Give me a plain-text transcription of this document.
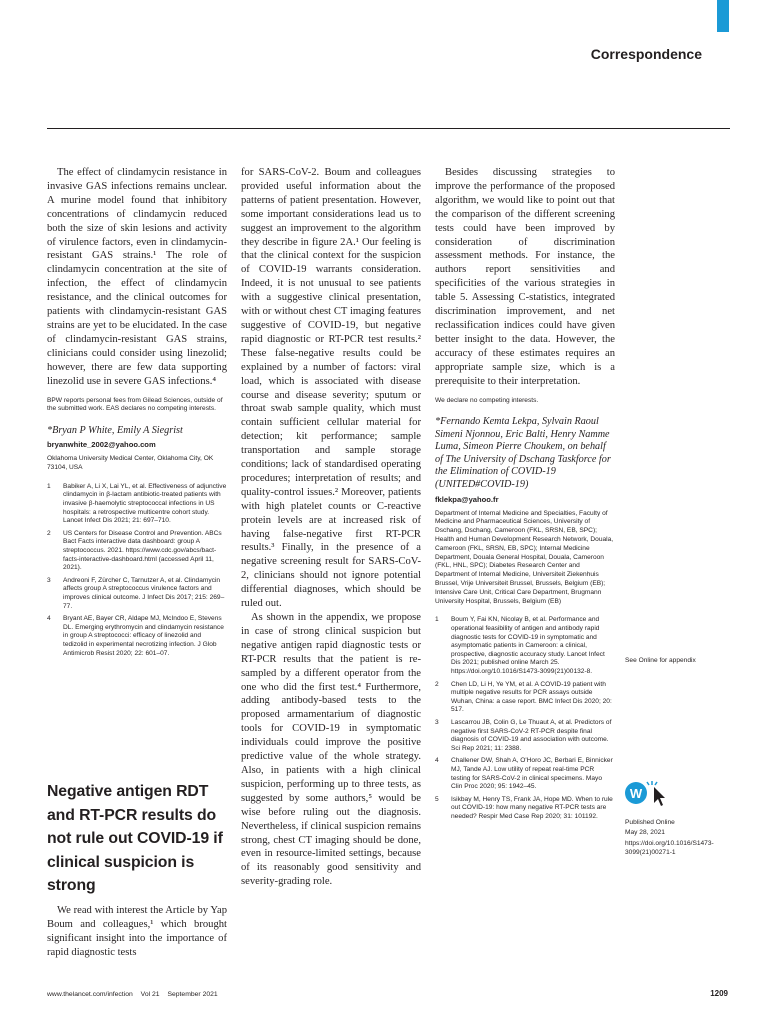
Correspondence

The effect of clindamycin resistance in invasive GAS infections remains unclear. A murine model found that inhibitory concentrations of clindamycin reduced both the size of skin lesions and activity of virulence factors, even in clindamycin-resistant GAS strains.¹ The role of clindamycin concentration at the site of infection, the effect of clindamycin resistance, and the clinical outcomes for patients with clindamycin-resistant GAS strains are yet to be elucidated. In the case of clindamycin-resistant GAS strains, clinicians could consider using linezolid; however, there are few data supporting linezolid use in severe GAS infections.⁴

BPW reports personal fees from Gilead Sciences, outside of the submitted work. EAS declares no competing interests.
*Bryan P White, Emily A Siegrist
bryanwhite_2002@yahoo.com
Oklahoma University Medical Center, Oklahoma City, OK 73104, USA
1	Babiker A, Li X, Lai YL, et al. Effectiveness of adjunctive clindamycin in β-lactam antibiotic-treated patients with invasive β-haemolytic streptococcal infections in US hospitals: a retrospective multicentre cohort study. Lancet Infect Dis 2021; 21: 697–710.
2	US Centers for Disease Control and Prevention. ABCs Bact Facts interactive data dashboard: group A streptococcus. 2021. https://www.cdc.gov/abcs/bact-facts-interactive-dashboard.html (accessed April 11, 2021).
3	Andreoni F, Zürcher C, Tarnutzer A, et al. Clindamycin affects group A streptococcus virulence factors and improves clinical outcome. J Infect Dis 2017; 215: 269–77.
4	Bryant AE, Bayer CR, Aldape MJ, McIndoo E, Stevens DL. Emerging erythromycin and clindamycin resistance in group A streptococci: efficacy of linezolid and tedizolid in experimental necrotizing infection. J Glob Antimicrob Resist 2020; 22: 601–07.
Negative antigen RDT and RT-PCR results do not rule out COVID-19 if clinical suspicion is strong

We read with interest the Article by Yap Boum and colleagues,¹ which brought significant insight into the importance of rapid diagnostic tests

for SARS-CoV-2. Boum and colleagues provided useful information about the patterns of patient presentation. However, some important considerations lead us to suggest an improvement to the algorithm they describe in figure 2A.¹ Our feeling is that the clinical context for the suspicion of COVID-19 warrants consideration. Indeed, it is not unusual to see patients with a suggestive clinical presentation, with or without chest CT imaging features suggestive of COVID-19, but negative rapid diagnostic or RT-PCR test results.² These false-negative results could be explained by a number of factors: viral load, which is associated with disease course and disease severity; sputum or throat swab sample quality, which must contain sufficient cellular material for detection; kit performance; sample transportation and sample storage conditions; lack of standardised operating procedures; interpretation of results; and quality-control issues.² Moreover, patients with high platelet counts or C-reactive protein levels are at increased risk of having false-negative first RT-PCR results.³ Finally, in the presence of a negative screening result for SARS-CoV-2, clinicians should not ignore potential differential diagnoses, which should be ruled out.

As shown in the appendix, we propose in case of strong clinical suspicion but negative antigen rapid diagnostic tests or RT-PCR results that the patient is re-sampled by a different operator from the one who did the first test.⁴ Furthermore, adding antibody-based tests to the proposed armamentarium of diagnostic tools for COVID-19 in symptomatic individuals could improve the positive predictive value of the whole strategy. Also, in patients with a high clinical suspicion, performing up to three tests, as suggested by some authors,⁵ would be wise before ruling out the diagnosis. Nevertheless, if clinical suspicion remains strong, chest CT imaging should be done, even in resource-limited settings, because of its reasonably good sensitivity and severity-grading role.

Besides discussing strategies to improve the performance of the proposed algorithm, we would like to point out that the comparison of the different screening tests could have been improved by consideration of discrimination assessment methods. For instance, the authors report sensitivities and specificities of the various strategies in table 5. Assessing C-statistics, integrated discrimination improvement, and net reclassification indices could have given better insight to the data. However, the accuracy of these estimates requires an appropriate sample size, which is a prerequisite to their interpretation.

We declare no competing interests.
*Fernando Kemta Lekpa, Sylvain Raoul Simeni Njonnou, Eric Balti, Henry Namme Luma, Simeon Pierre Choukem, on behalf of The University of Dschang Taskforce for the Elimination of COVID-19 (UNITED#COVID-19)
fklekpa@yahoo.fr
Department of Internal Medicine and Specialties, Faculty of Medicine and Pharmaceutical Sciences, University of Dschang, Dschang, Cameroon (FKL, SRSN, EB, SPC); Health and Human Development Research Network, Douala, Cameroon (FKL, SRSN, EB, SPC); Internal Medicine Department, Douala General Hospital, Douala, Cameroon (FKL, HNL, SPC); Diabetes Research Center and Department of Internal Medicine, Universiteit Ziekenhuis Brussel, Vrije Universiteit Brussel, Brussels, Belgium (EB); Intensive Care Unit, Critical Care Department, Brugmann University Hospital, Brussels, Belgium (EB)
1	Boum Y, Fai KN, Nicolay B, et al. Performance and operational feasibility of antigen and antibody rapid diagnostic tests for COVID-19 in symptomatic and asymptomatic patients in Cameroon: a clinical, prospective, diagnostic accuracy study. Lancet Infect Dis 2021; published online March 25. https://doi.org/10.1016/S1473-3099(21)00132-8.
2	Chen LD, Li H, Ye YM, et al. A COVID-19 patient with multiple negative results for PCR assays outside Wuhan, China: a case report. BMC Infect Dis 2020; 20: 517.
3	Lascarrou JB, Colin G, Le Thuaut A, et al. Predictors of negative first SARS-CoV-2 RT-PCR despite final diagnosis of COVID-19 and association with outcome. Sci Rep 2021; 11: 2388.
4	Challener DW, Shah A, O'Horo JC, Berbari E, Binnicker MJ, Tande AJ. Low utility of repeat real-time PCR testing for SARS-CoV-2 in clinical specimens. Mayo Clin Proc 2020; 95: 1942–45.
5	Isikbay M, Henry TS, Frank JA, Hope MD. When to rule out COVID-19: how many negative RT-PCR tests are needed? Respir Med Case Rep 2020; 31: 101192.
See Online for appendix
W
Published Online
May 28, 2021
https://doi.org/10.1016/S1473-3099(21)00271-1
www.thelancet.com/infection Vol 21 September 2021	1209
